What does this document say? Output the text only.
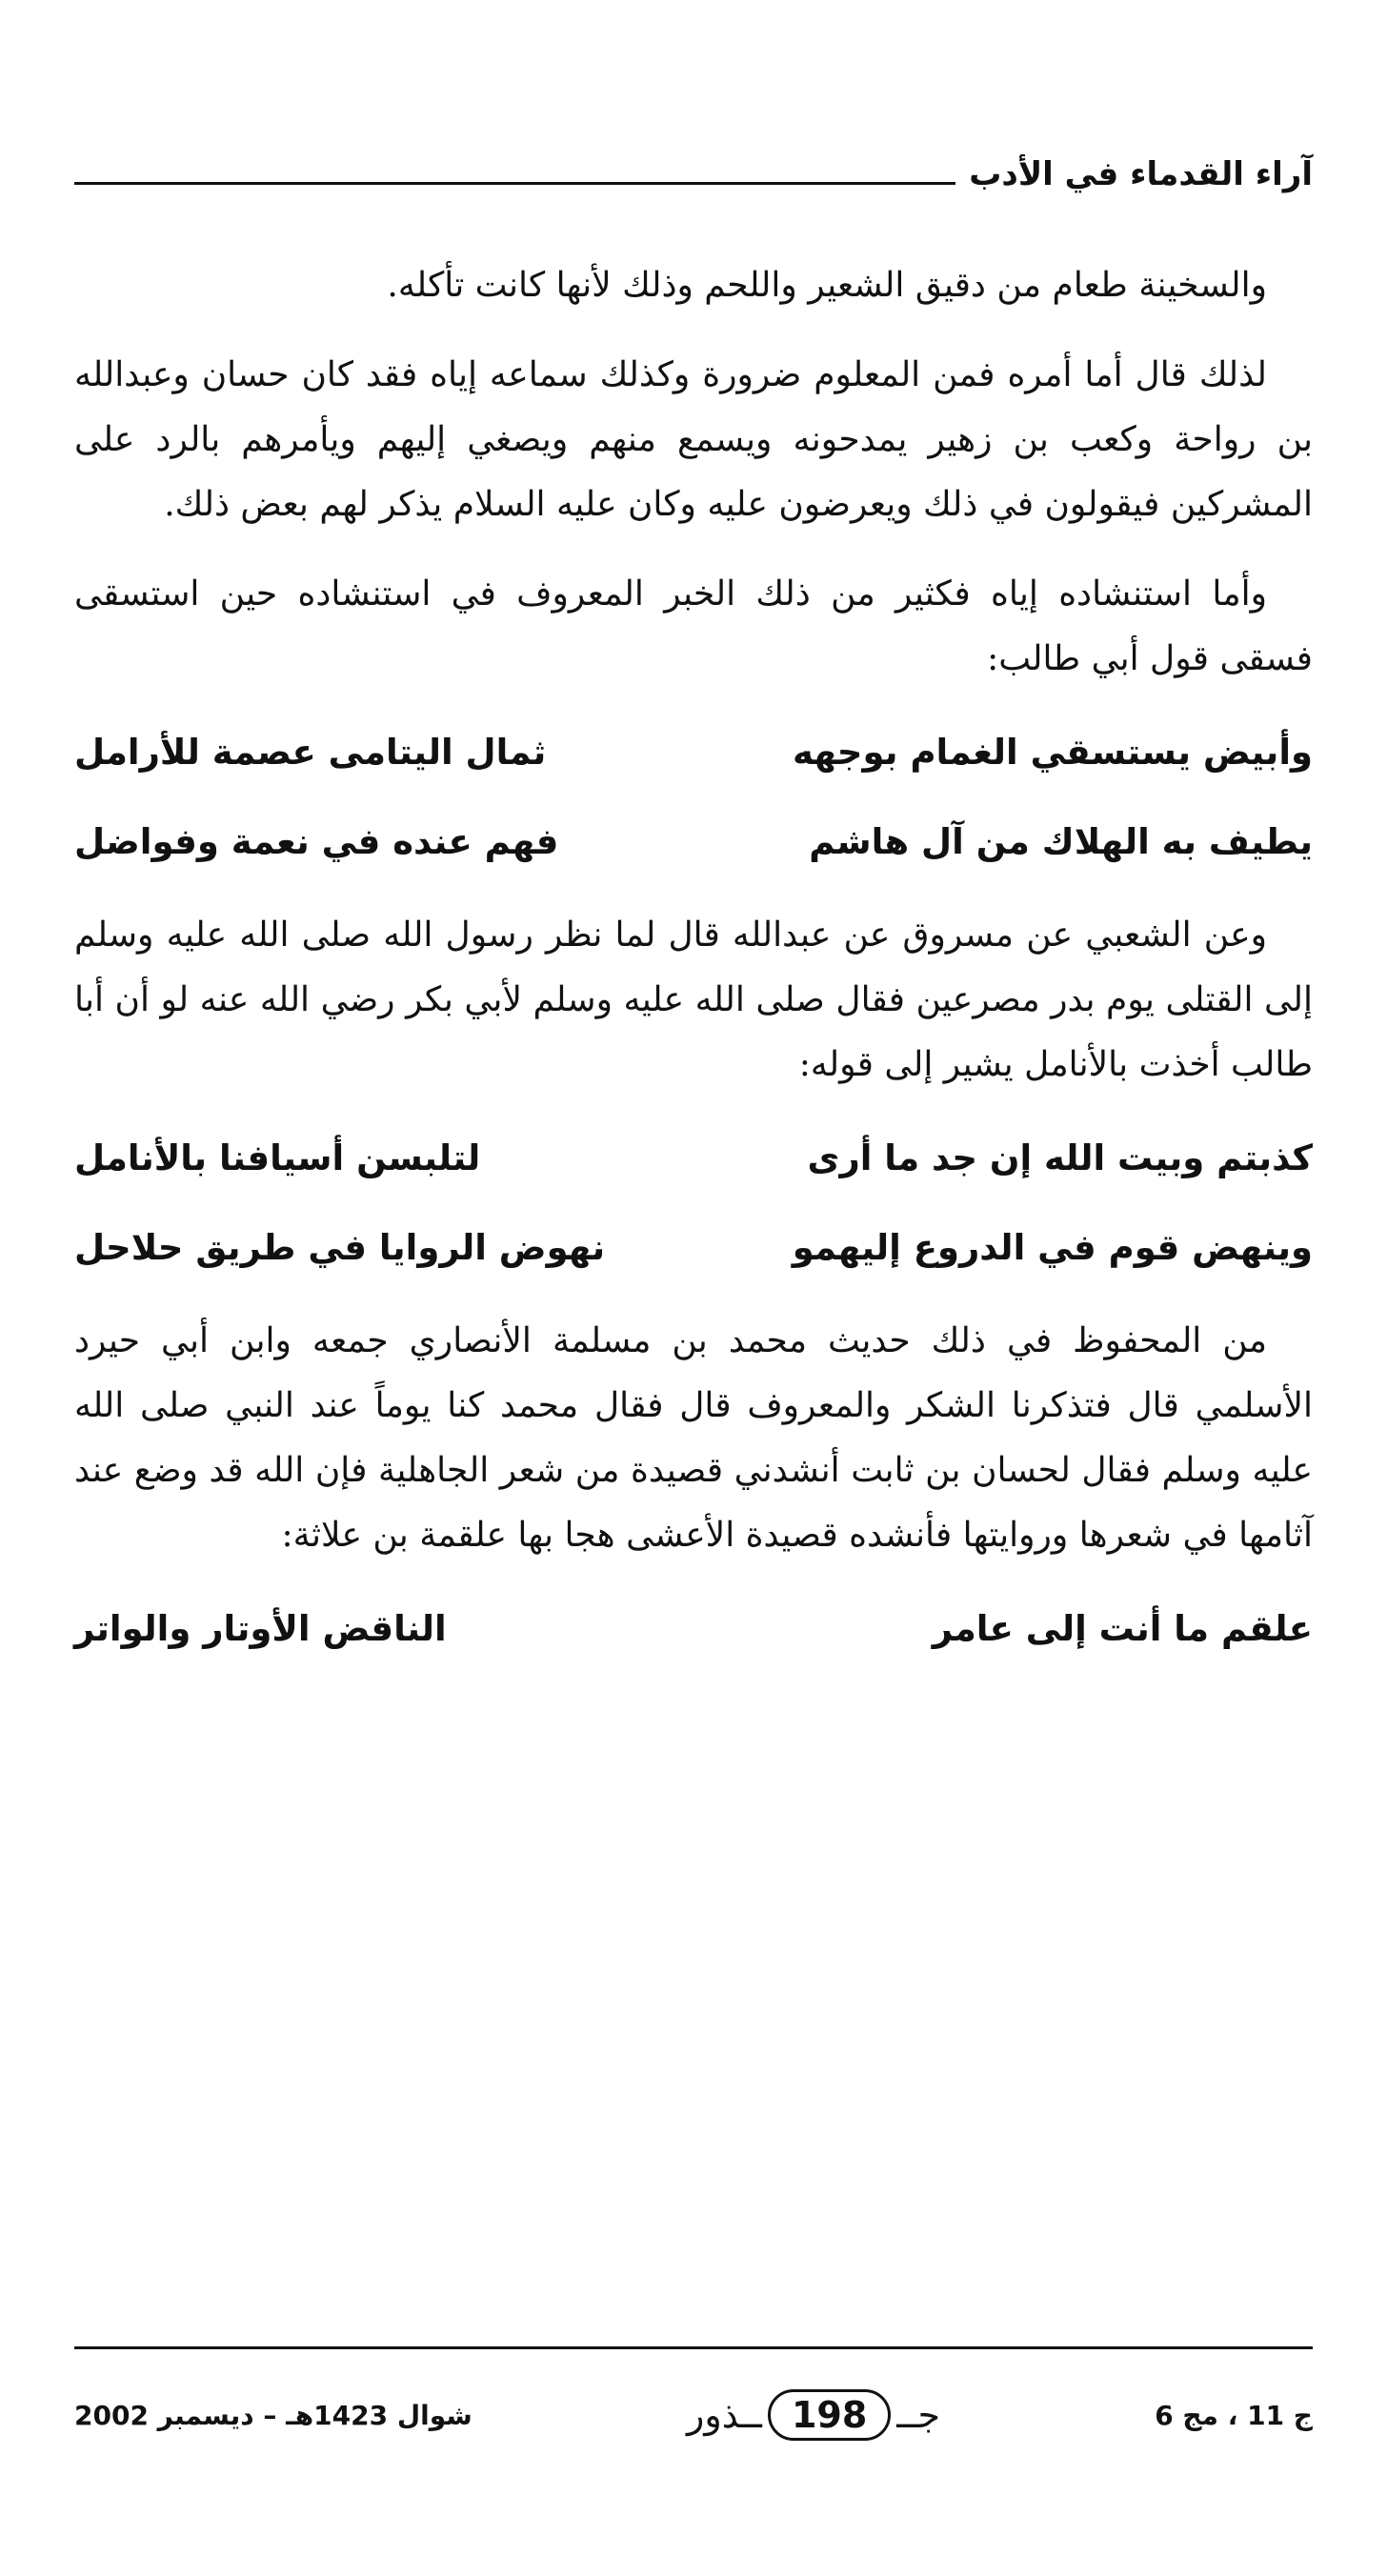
آراء القدماء في الأدب

والسخينة طعام من دقيق الشعير واللحم وذلك لأنها كانت تأكله.

لذلك قال أما أمره فمن المعلوم ضرورة وكذلك سماعه إياه فقد كان حسان وعبدالله بن رواحة وكعب بن زهير يمدحونه ويسمع منهم ويصغي إليهم ويأمرهم بالرد على المشركين فيقولون في ذلك ويعرضون عليه وكان عليه السلام يذكر لهم بعض ذلك.

وأما استنشاده إياه فكثير من ذلك الخبر المعروف في استنشاده حين استسقى فسقى قول أبي طالب:

وأبيض يستسقي الغمام بوجهه
ثمال اليتامى عصمة للأرامل
يطيف به الهلاك من آل هاشم
فهم عنده في نعمة وفواضل

وعن الشعبي عن مسروق عن عبدالله قال لما نظر رسول الله صلى الله عليه وسلم إلى القتلى يوم بدر مصرعين فقال صلى الله عليه وسلم لأبي بكر رضي الله عنه لو أن أبا طالب أخذت بالأنامل يشير إلى قوله:

كذبتم وبيت الله إن جد ما أرى
لتلبسن أسيافنا بالأنامل
وينهض قوم في الدروع إليهمو
نهوض الروايا في طريق حلاحل

من المحفوظ في ذلك حديث محمد بن مسلمة الأنصاري جمعه وابن أبي حيرد الأسلمي قال فتذكرنا الشكر والمعروف قال فقال محمد كنا يوماً عند النبي صلى الله عليه وسلم فقال لحسان بن ثابت أنشدني قصيدة من شعر الجاهلية فإن الله قد وضع عند آثامها في شعرها وروايتها فأنشده قصيدة الأعشى هجا بها علقمة بن علاثة:

علقم ما أنت إلى عامر
الناقض الأوتار والواتر
ج 11 ، مج 6
جــ
198
ــذور
شوال 1423هـ – ديسمبر 2002
